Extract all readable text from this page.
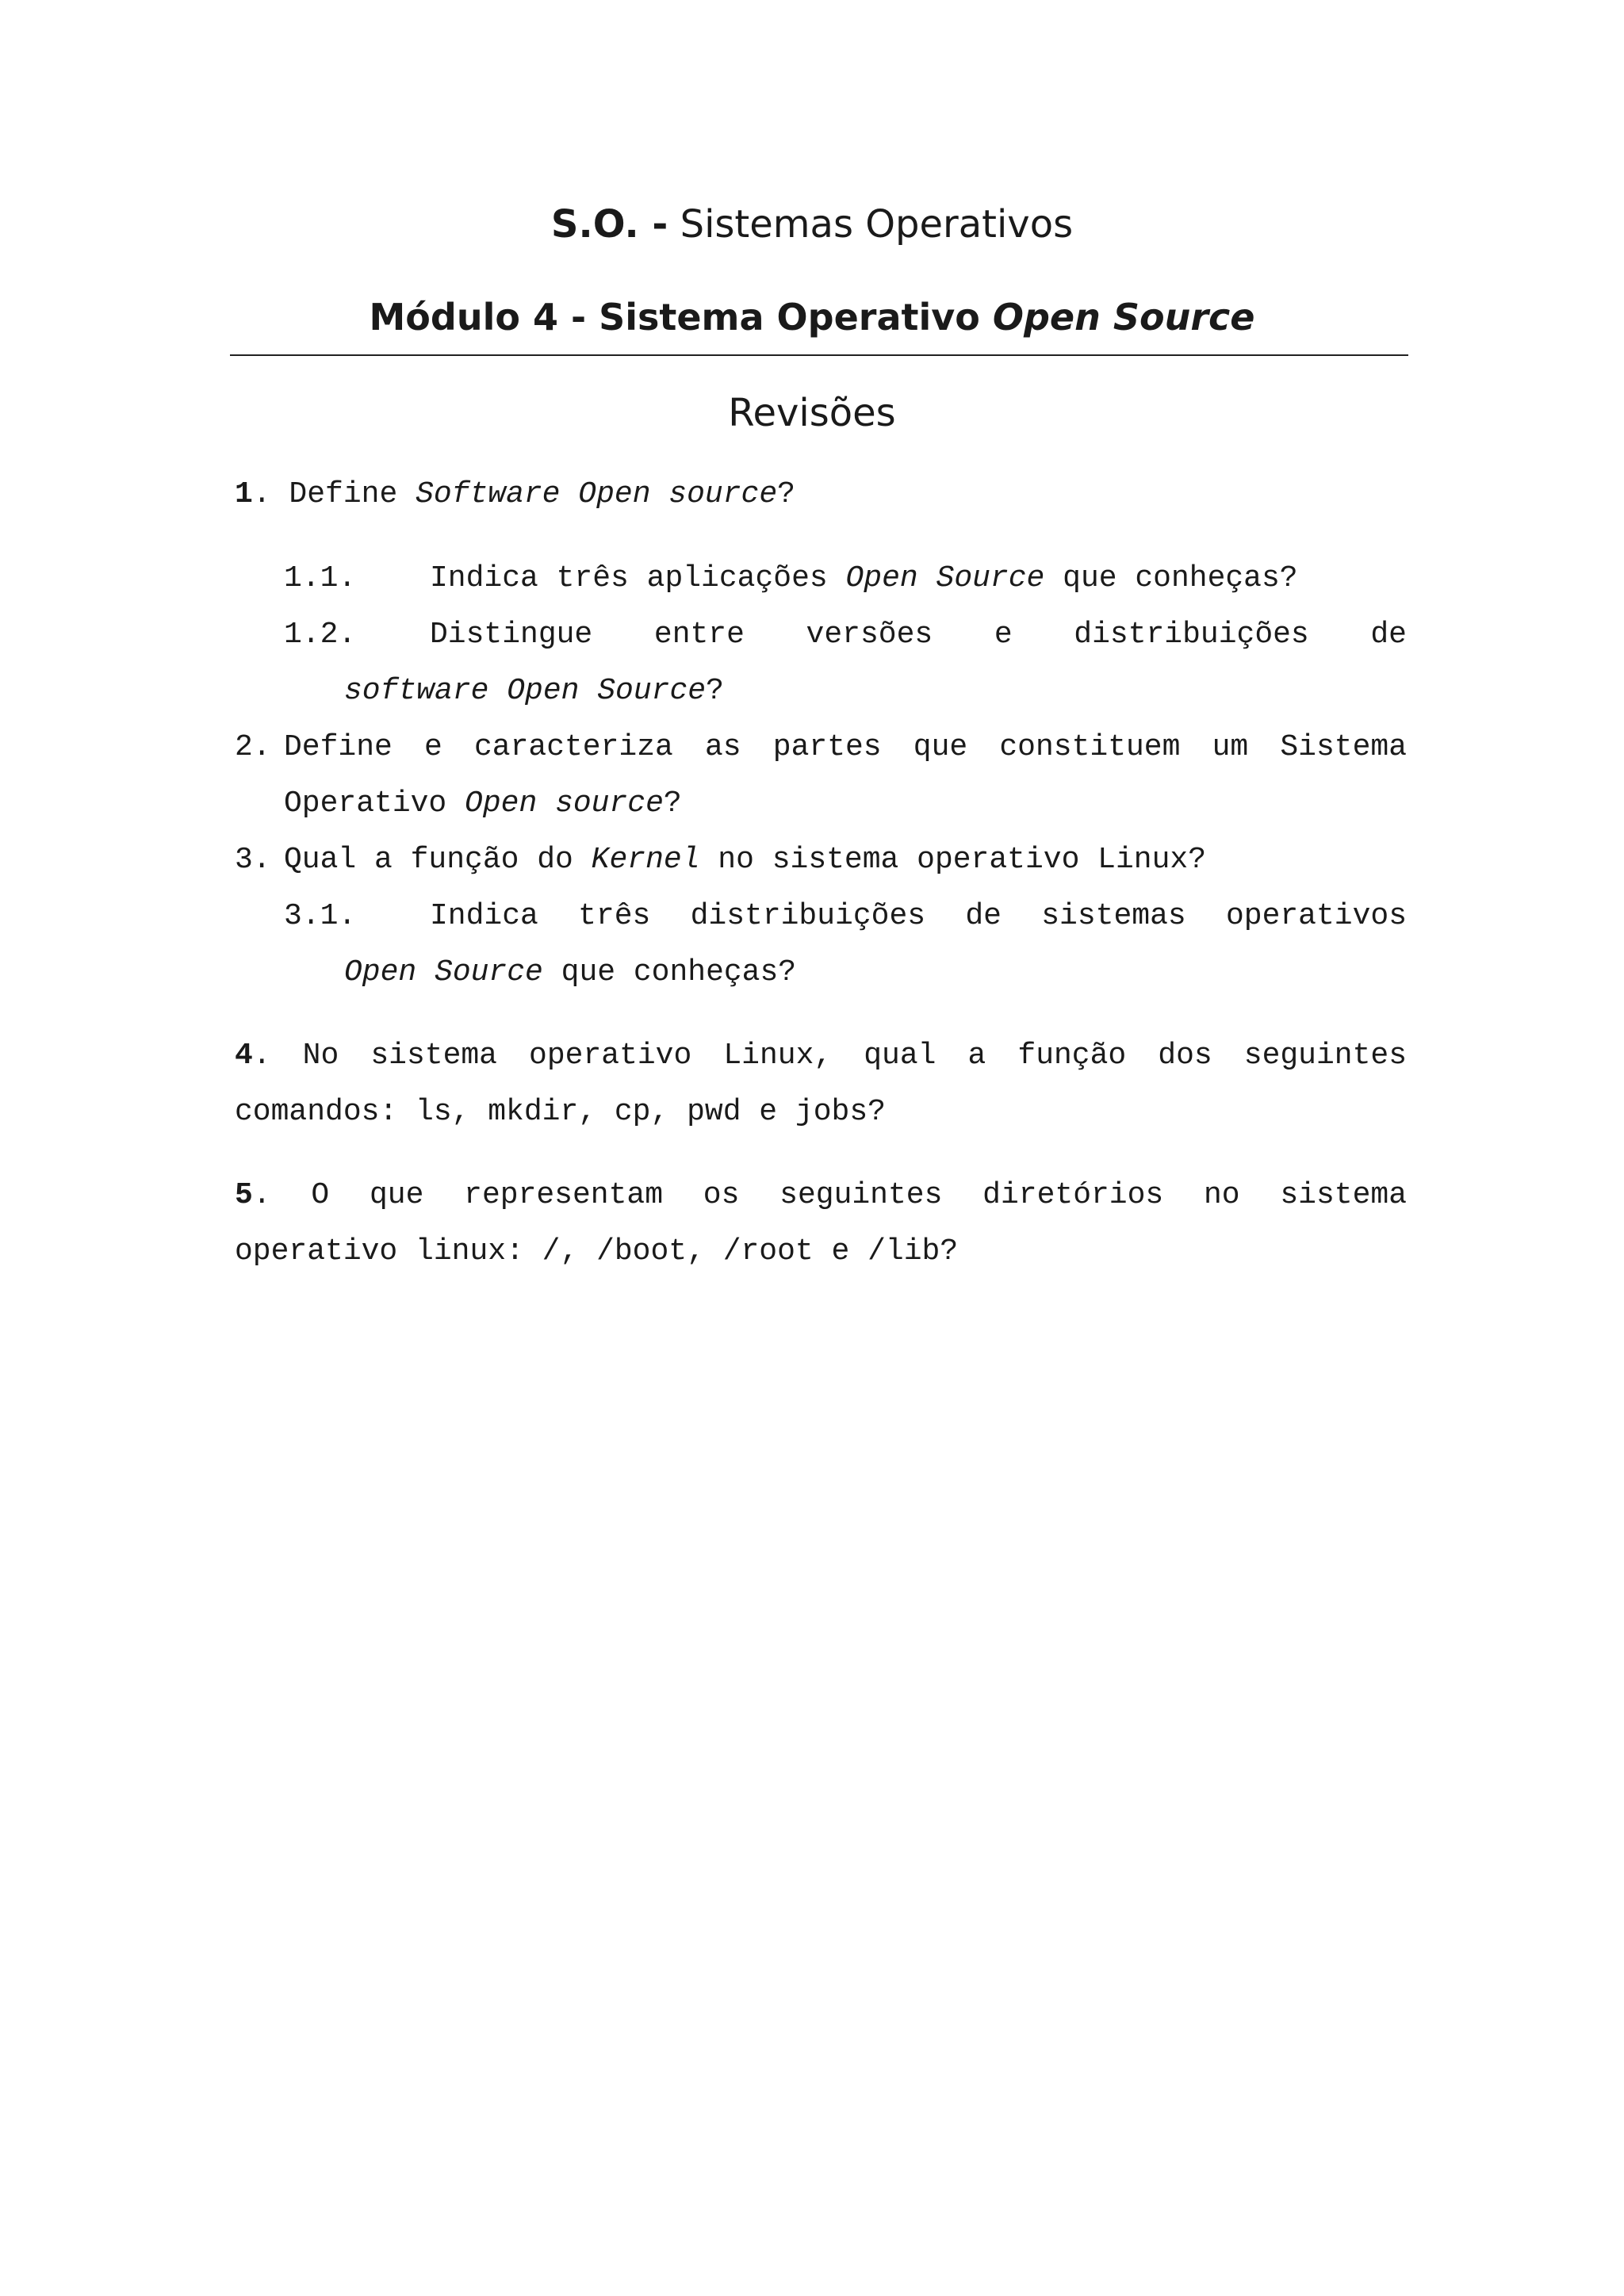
S.O. - Sistemas Operativos
Módulo 4 - Sistema Operativo Open Source
Revisões
1. Define Software Open source?
1.1. Indica três aplicações Open Source que conheças?
1.2. Distingue entre versões e distribuições de
software Open Source?
2. Define e caracteriza as partes que constituem um Sistema
Operativo Open source?
3. Qual a função do Kernel no sistema operativo Linux?
3.1. Indica três distribuições de sistemas operativos
Open Source que conheças?
4. No sistema operativo Linux, qual a função dos seguintes
comandos: ls, mkdir, cp, pwd e jobs?
5. O que representam os seguintes diretórios no sistema
operativo linux: /, /boot, /root e /lib?
